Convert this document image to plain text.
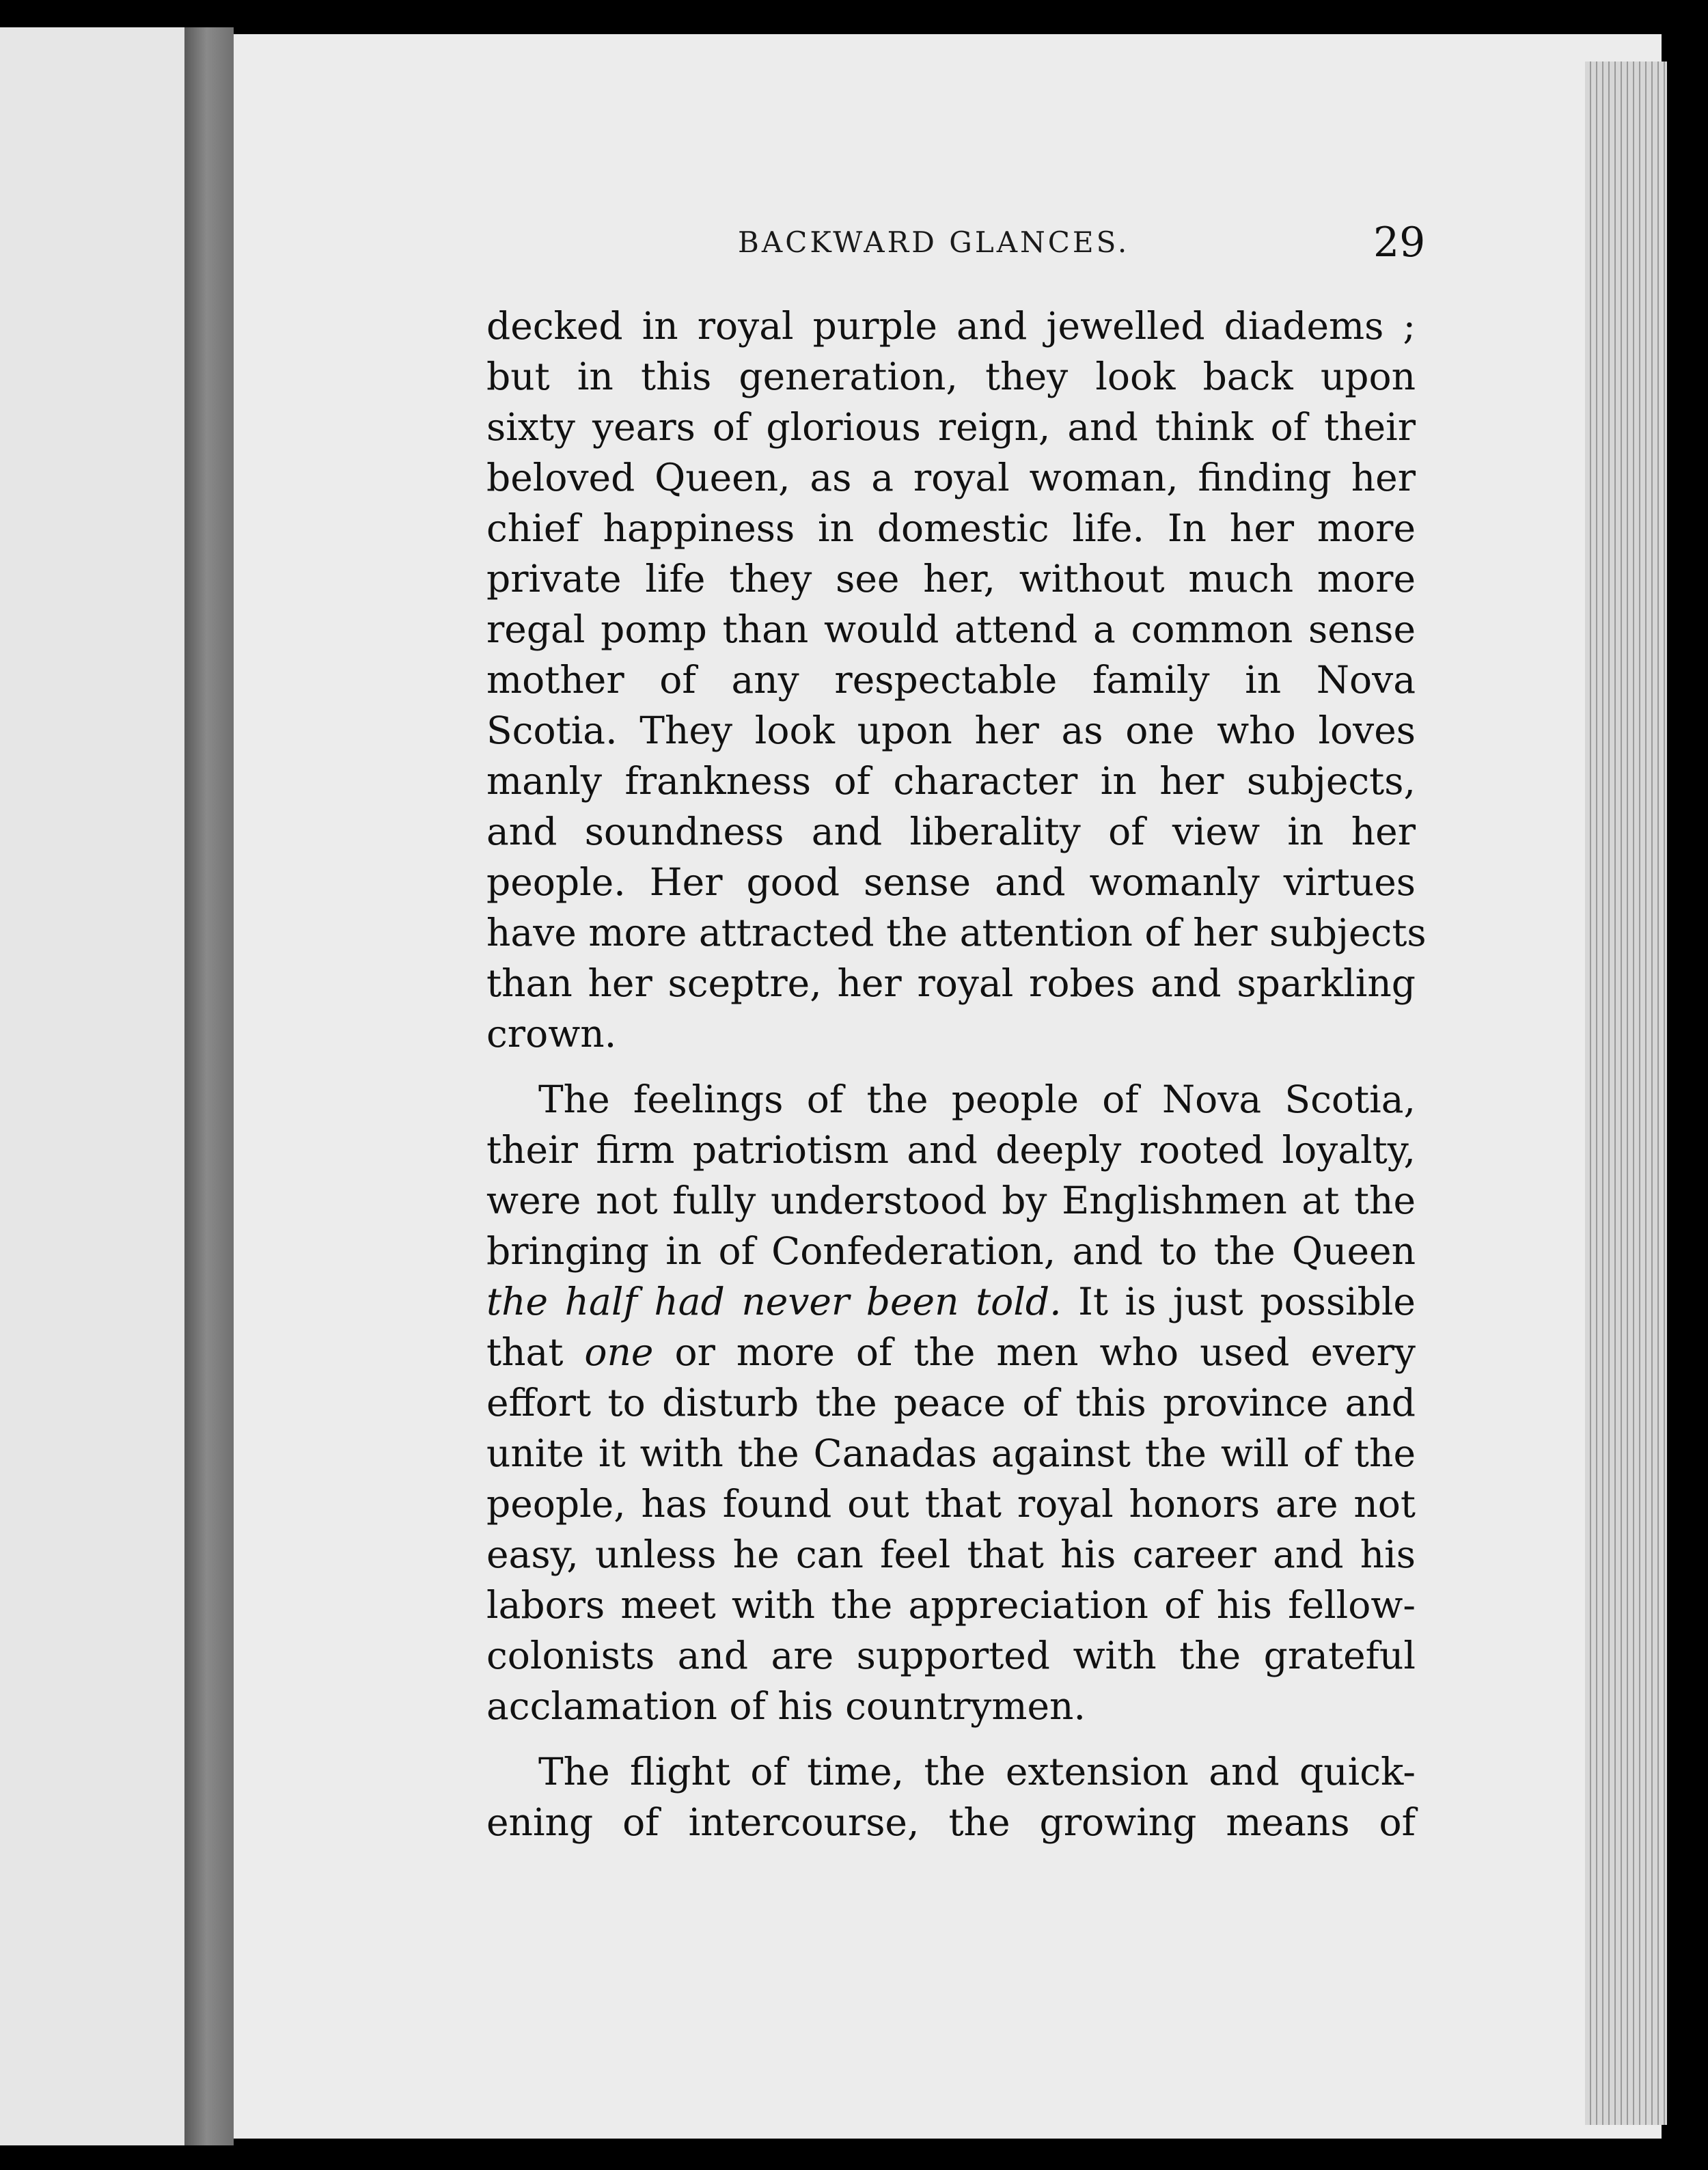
BACKWARD GLANCES.	29
decked in royal purple and jewelled diadems ;
but in this generation, they look back upon
sixty years of glorious reign, and think of their
beloved Queen, as a royal woman, finding her
chief happiness in domestic life. In her more
private life they see her, without much more
regal pomp than would attend a common sense
mother of any respectable family in Nova
Scotia. They look upon her as one who loves
manly frankness of character in her subjects,
and soundness and liberality of view in her
people. Her good sense and womanly virtues
have more attracted the attention of her subjects
than her sceptre, her royal robes and sparkling
crown.
The feelings of the people of Nova Scotia,
their firm patriotism and deeply rooted loyalty,
were not fully understood by Englishmen at the
bringing in of Confederation, and to the Queen
the half had never been told. It is just possible
that one or more of the men who used every
effort to disturb the peace of this province and
unite it with the Canadas against the will of the
people, has found out that royal honors are not
easy, unless he can feel that his career and his
labors meet with the appreciation of his fellow-
colonists and are supported with the grateful
acclamation of his countrymen.
The flight of time, the extension and quick-
ening of intercourse, the growing means of
